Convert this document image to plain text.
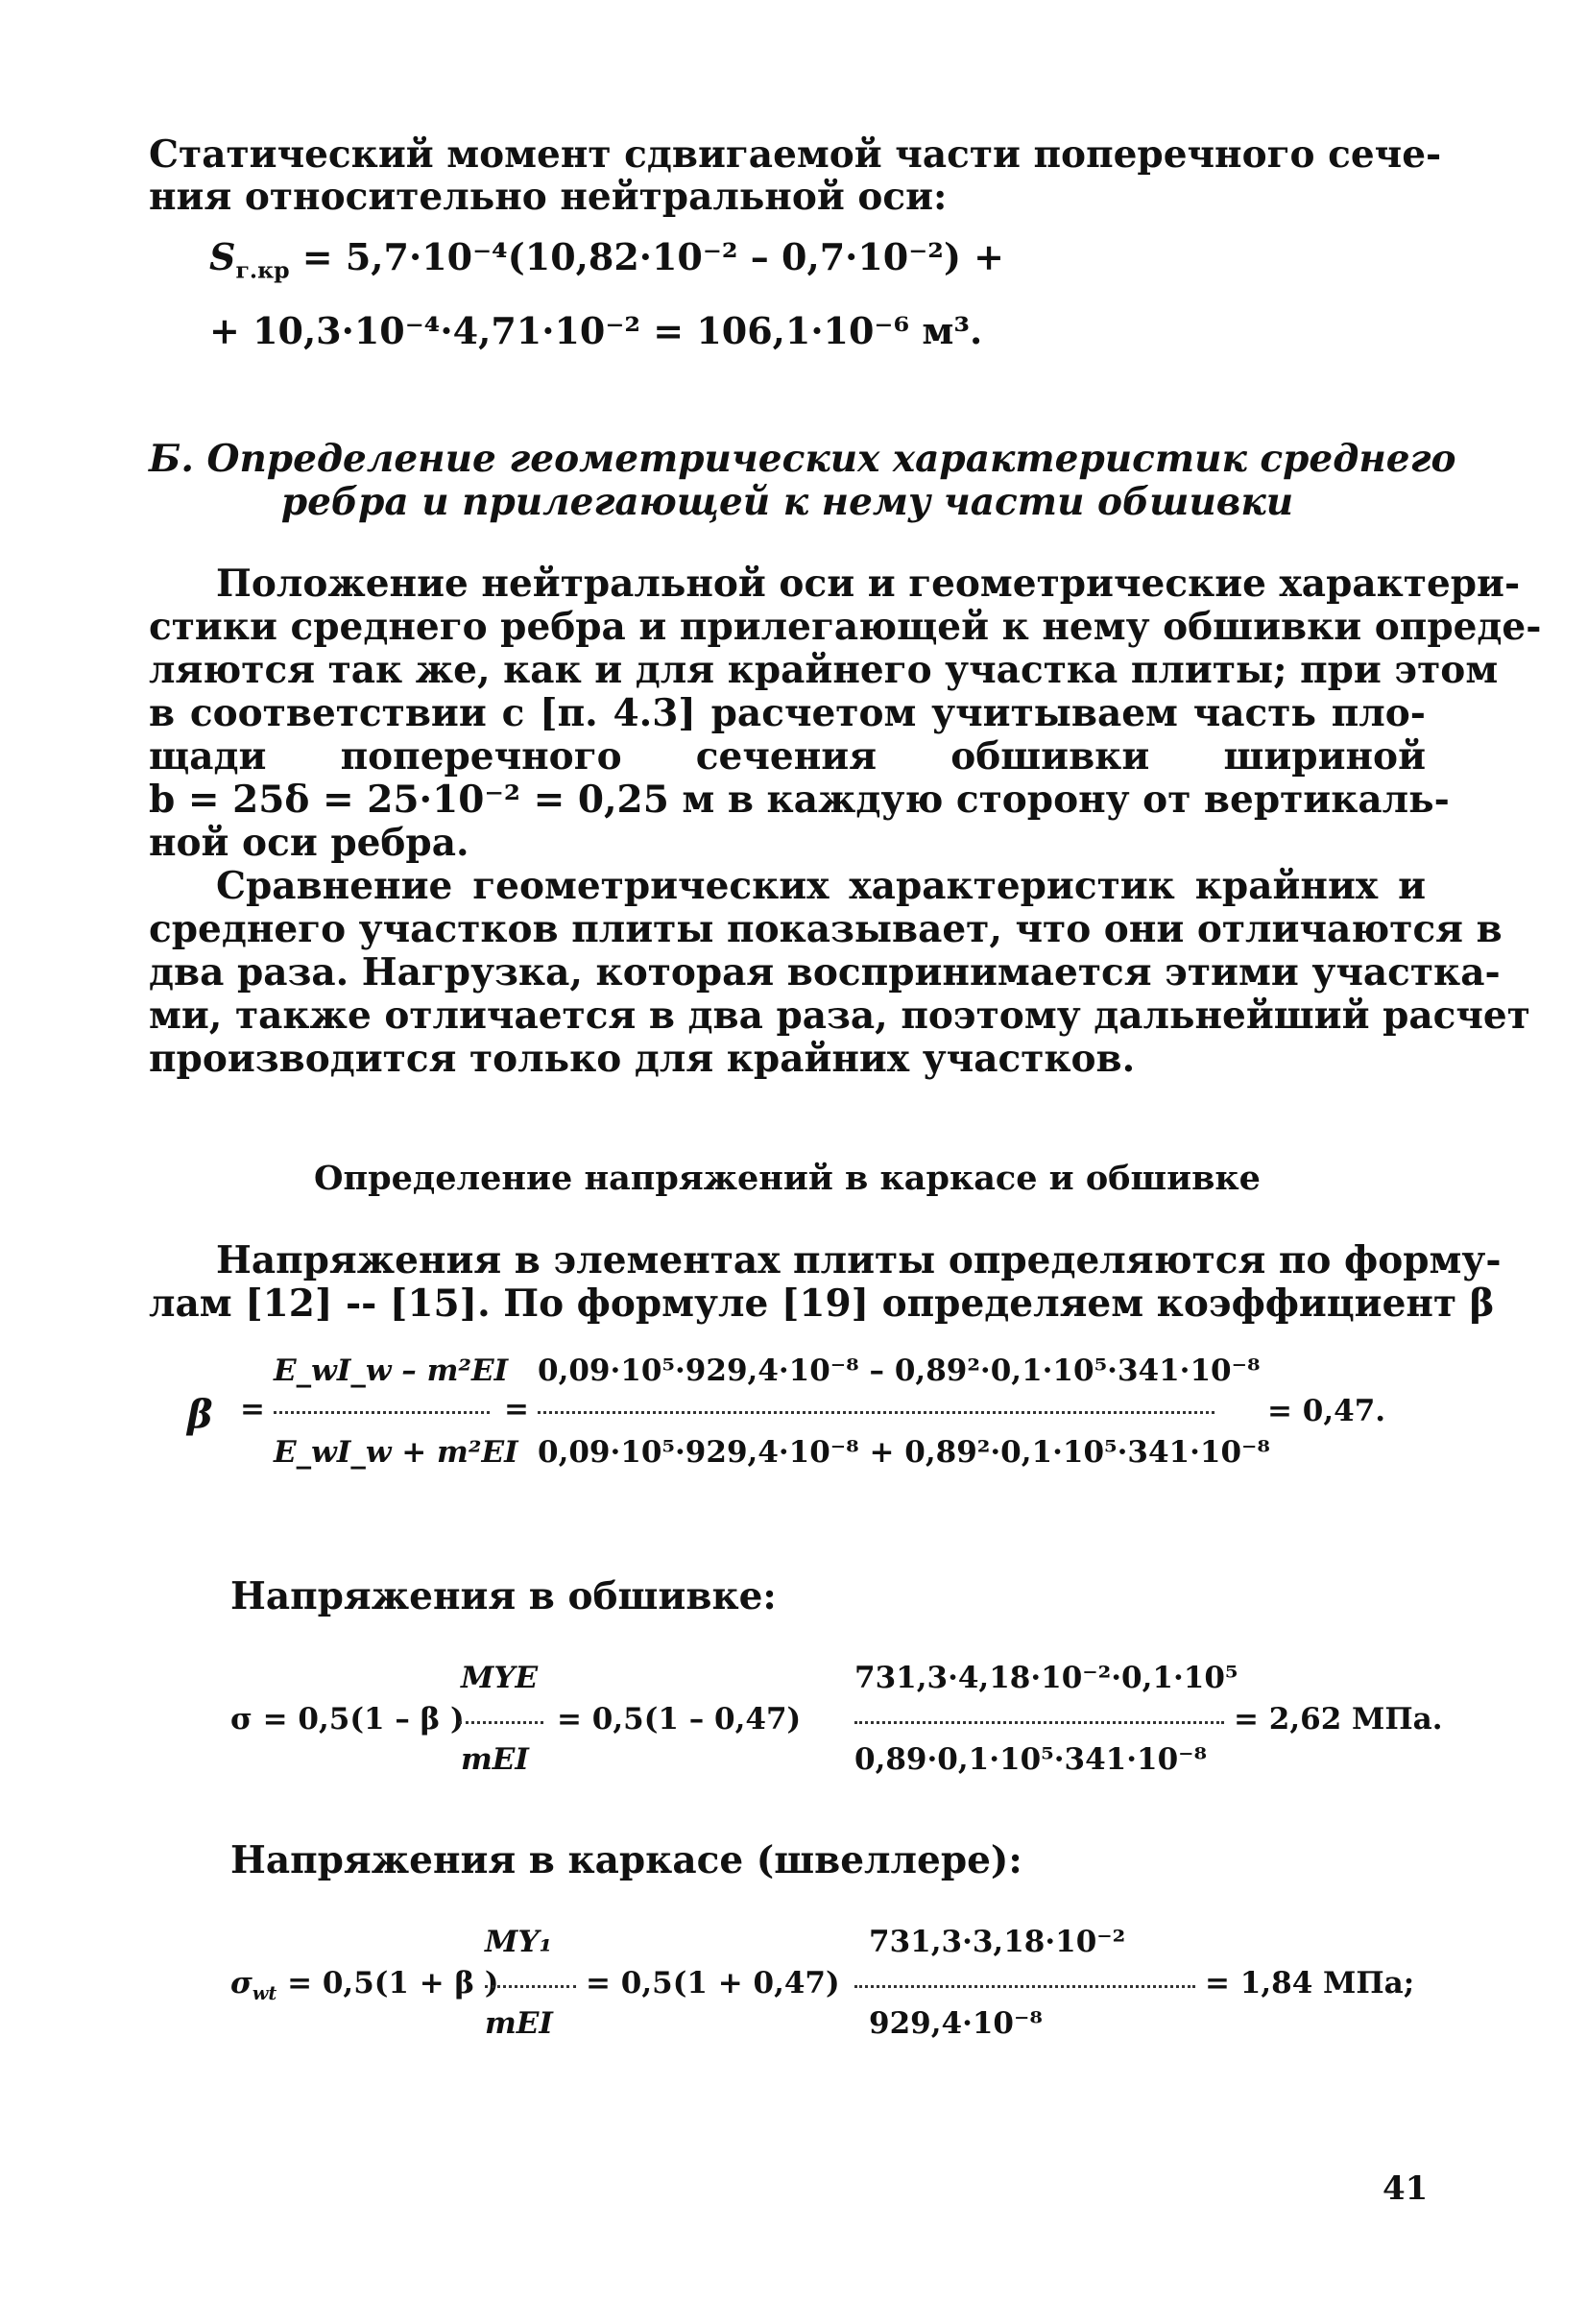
Статический момент сдвигаемой части поперечного сече-
ния относительно нейтральной оси:
$S_{г.кр} = 5,7\cdot 10^{-4}(10,82\cdot 10^{-2} - 0,7\cdot 10^{-2})$ +
+ 10,3·10⁻⁴·4,71·10⁻² = 106,1·10⁻⁶ м³.
Б. Определение геометрических характеристик среднего
ребра и прилегающей к нему части обшивки
Положение нейтральной оси и геометрические характери-
стики среднего ребра и прилегающей к нему обшивки опреде-
ляются так же, как и для крайнего участка плиты; при этом
в соответствии с [п. 4.3] расчетом учитываем часть пло-
щади поперечного сечения обшивки шириной
b = 25δ = 25·10⁻² = 0,25 м в каждую сторону от вертикаль-
ной оси ребра.
Сравнение геометрических характеристик крайних и
среднего участков плиты показывает, что они отличаются в
два раза. Нагрузка, которая воспринимается этими участка-
ми, также отличается в два раза, поэтому дальнейший расчет
производится только для крайних участков.
Определение напряжений в каркасе и обшивке
Напряжения в элементах плиты определяются по форму-
лам [12] -- [15]. По формуле [19] определяем коэффициент β
β =
E_wI_w – m²EI
E_wI_w + m²EI
=
0,09·10⁵·929,4·10⁻⁸ – 0,89²·0,1·10⁵·341·10⁻⁸
0,09·10⁵·929,4·10⁻⁸ + 0,89²·0,1·10⁵·341·10⁻⁸
= 0,47.
Напряжения в обшивке:
σ = 0,5(1 – β )
MYE
mEI
= 0,5(1 – 0,47)
731,3·4,18·10⁻²·0,1·10⁵
0,89·0,1·10⁵·341·10⁻⁸
= 2,62 МПа.
Напряжения в каркасе (швеллере):
$\sigma_{wt} = 0,5(1 + \beta$ )
MY₁
mEI
= 0,5(1 + 0,47)
731,3·3,18·10⁻²
929,4·10⁻⁸
= 1,84 МПа;
41
